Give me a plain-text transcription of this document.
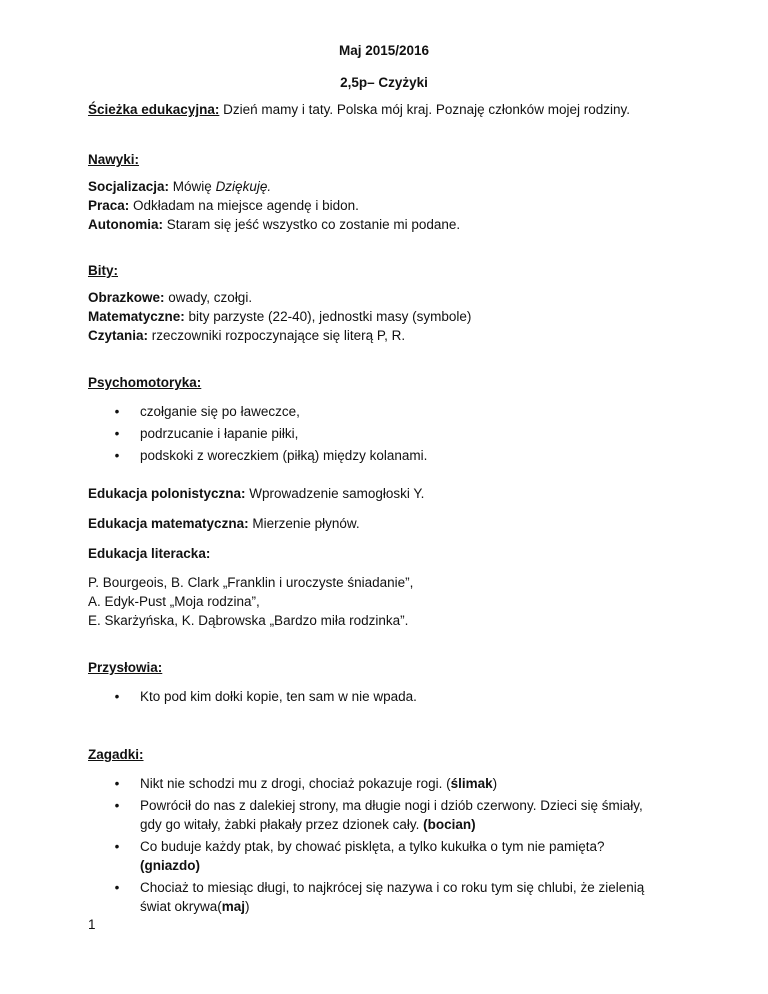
Maj 2015/2016
2,5p– Czyżyki
Ścieżka edukacyjna: Dzień mamy i taty. Polska mój kraj. Poznaję członków mojej rodziny.
Nawyki:
Socjalizacja: Mówię Dziękuję.
Praca: Odkładam na miejsce agendę i bidon.
Autonomia: Staram się jeść wszystko co zostanie mi podane.
Bity:
Obrazkowe: owady, czołgi.
Matematyczne: bity parzyste (22-40), jednostki masy (symbole)
Czytania: rzeczowniki rozpoczynające się literą P, R.
Psychomotoryka:
• czołganie się po ławeczce,
• podrzucanie i łapanie piłki,
• podskoki z woreczkiem (piłką) między kolanami.
Edukacja polonistyczna: Wprowadzenie samogłoski Y.
Edukacja matematyczna: Mierzenie płynów.
Edukacja literacka:
P. Bourgeois, B. Clark „Franklin i uroczyste śniadanie”,
A. Edyk-Pust „Moja rodzina”,
E. Skarżyńska, K. Dąbrowska „Bardzo miła rodzinka”.
Przysłowia:
• Kto pod kim dołki kopie, ten sam w nie wpada.
Zagadki:
• Nikt nie schodzi mu z drogi, chociaż pokazuje rogi. (ślimak)
• Powrócił do nas z dalekiej strony, ma długie nogi i dziób czerwony. Dzieci się śmiały,
gdy go witały, żabki płakały przez dzionek cały. (bocian)
• Co buduje każdy ptak, by chować pisklęta, a tylko kukułka o tym nie pamięta?
(gniazdo)
• Chociaż to miesiąc długi, to najkrócej się nazywa i co roku tym się chlubi, że zielenią
świat okrywa(maj)
1
